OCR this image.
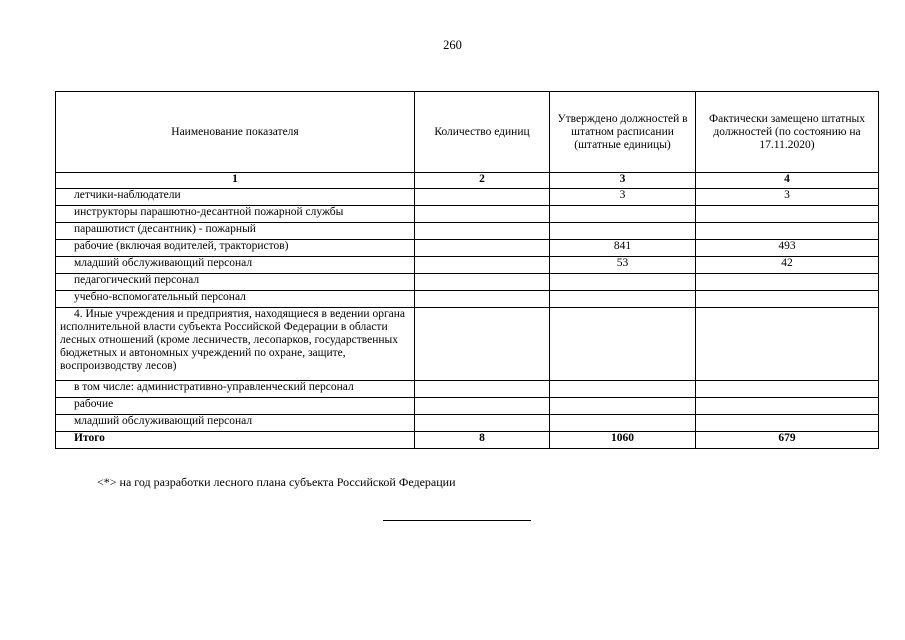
260
Наименование показателя	Количество единиц	Утверждено должностей в штатном расписании (штатные единицы)	Фактически замещено штатных должностей (по состоянию на 17.11.2020)
1	2	3	4
летчики-наблюдатели		3	3
инструкторы парашютно-десантной пожарной службы			
парашютист (десантник) - пожарный			
рабочие (включая водителей, трактористов)		841	493
младший обслуживающий персонал		53	42
педагогический персонал			
учебно-вспомогательный персонал			
4. Иные учреждения и предприятия, находящиеся в ведении органа исполнительной власти субъекта Российской Федерации в области лесных отношений (кроме лесничеств, лесопарков, государственных бюджетных и автономных учреждений по охране, защите, воспроизводству лесов)			
в том числе: административно-управленческий персонал			
рабочие			
младший обслуживающий персонал			
Итого	8	1060	679
<*> на год разработки лесного плана субъекта Российской Федерации
